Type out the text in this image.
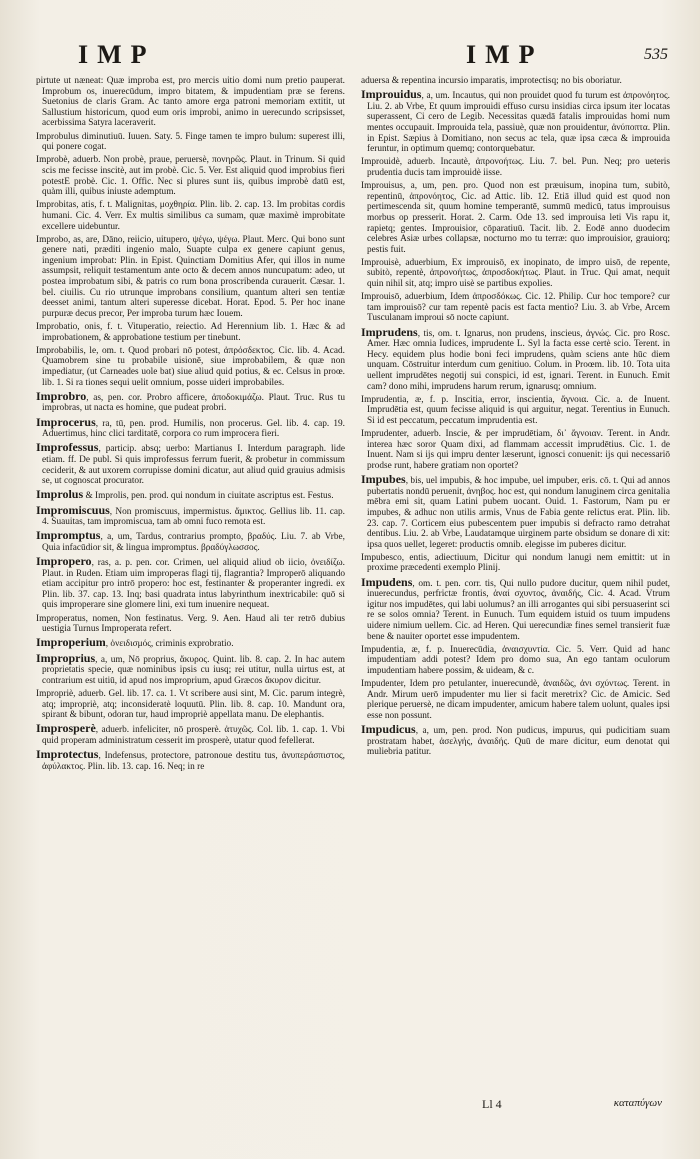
IMP	IMP	535

pirtute ut næneat: Quæ improba est, pro mercis uitio domi num pretio pauperat. Improbum os, inuerecūdum, impro bitatem, & impudentiam præ se ferens. Suetonius de claris Gram. Ac tanto amore erga patroni memoriam extitit, ut Sallustium historicum, quod eum oris improbi, animo in uerecundo scripsisset, acerbissima Satyra laceraverit.

Improbulus diminutiuū. Iuuen. Saty. 5. Finge tamen te impro bulum: superest illi, qui ponere cogat.

Improbè, aduerb. Non probè, praue, peruersè, πονηρῶς. Plaut. in Trinum. Si quid scis me fecisse inscitè, aut im probè. Cic. 5. Ver. Est aliquid quod improbius fieri potestE probè. Cic. 1. Offic. Nec si plures sunt iis, quibus improbè datū est, quàm illi, quibus iniuste ademptum.

Improbitas, atis, f. t. Malignitas, μοχθηρία. Plin. lib. 2. cap. 13. Im probitas cordis humani. Cic. 4. Verr. Ex multis similibus ca sumam, quæ maximè improbitate excellere uidebuntur.

Improbo, as, are, Dāno, reiicio, uitupero, ψέγω, ψέγω. Plaut. Merc. Qui bono sunt genere nati, præditi ingenio malo, Suapte culpa ex genere capiunt genus, ingenium improbat: Plin. in Epist. Quinctiam Domitius Afer, qui illos in nume assumpsit, reliquit testamentum ante octo & decem annos nuncupatum: adeo, ut postea improbatum sibi, & patris co rum bona proscribenda curauerit. Cæsar. 1. bel. ciuilis. Cu rio utrunque improbans consilium, quantum alteri sen tentiæ deesset animi, tantum alteri superesse dicebat. Horat. Epod. 5. Per hoc inane purpuræ decus precor, Per improba turum hæc Iouem.

Improbatio, onis, f. t. Vituperatio, reiectio. Ad Herennium lib. 1. Hæc & ad improbationem, & approbatione testium per tinebunt.

Improbabilis, le, om. t. Quod probari nō potest, ἀπρόσδεκτος. Cic. lib. 4. Acad. Quamobrem sine tu probabile uisionē, siue improbabilem, & quæ non impediatur, (ut Carneades uole bat) siue aliud quid potius, & ec. Celsus in proœ. lib. 1. Si ra tiones sequi uelit omnium, posse uideri improbabiles.

Improbro, as, pen. cor. Probro afficere, ἀποδοκιμάζω. Plaut. Truc. Rus tu improbras, ut nacta es homine, que pudeat probri.

Improcerus, ra, tū, pen. prod. Humilis, non procerus. Gel. lib. 4. cap. 19. Aduertimus, hinc clici tarditatē, corpora co rum improcera fieri.

Improfessus, particip. absq; uerbo: Martianus I. Interdum paragraph. lide etiam. ff. De publ. Si quis improfessus ferrum fuerit, & probetur in commissum ceciderit, & aut uxorem corrupisse domini dicatur, aut aliud quid grauius admisis se, ut cognoscat procurator.

Improlus & Improlis, pen. prod. qui nondum in ciuitate ascriptus est. Festus.

Impromiscuus, Non promiscuus, impermistus. ἄμικτος. Gellius lib. 11. cap. 4. Suauitas, tam impromiscua, tam ab omni fuco remota est.

Impromptus, a, um, Tardus, contrarius prompto, βραδύς. Liu. 7. ab Vrbe, Quia infacūdior sit, & lingua impromptus. βραδύγλωσσος.

Impropero, ras, a. p. pen. cor. Crimen, uel aliquid aliud ob iicio, ὀνειδίζω. Plaut. in Ruden. Etiam uim improperas flagi tij, flagrantia? Improperō aliquando etiam accipitur pro intrō propero: hoc est, festinanter & properanter ingredi. ex Plin. lib. 37. cap. 13. Inq; basi quadrata intus labyrinthum inextricabile: quō si quis improperare sine glomere lini, exi tum inuenire nequeat.

Improperatus, nomen, Non festinatus. Verg. 9. Aen. Haud ali ter retrō dubius uestigia Turnus Improperata refert.

Improperium, ὀνειδισμός, criminis exprobratio.

Improprius, a, um, Nō proprius, ἄκυρος. Quint. lib. 8. cap. 2. In hac autem proprietatis specie, quæ nominibus ipsis cu iusq; rei utitur, nulla uirtus est, at contrarium est uitiū, id apud nos improprium, apud Græcos ἄκυρον dicitur.

Impropriè, aduerb. Gel. lib. 17. ca. 1. Vt scribere ausi sint, M. Cic. parum integrè, atq; impropriè, atq; inconsideratè loquutū. Plin. lib. 8. cap. 10. Mandunt ora, spirant & bibunt, odoran tur, haud impropriè appellata manu. De elephantis.

Improsperè, aduerb. infeliciter, nō prosperè. ἀτυχῶς. Col. lib. 1. cap. 1. Vbi quid properam administratum cesserit im prosperè, utatur quod fefellerat.

Improtectus, Indefensus, protectore, patronoue destitu tus, ἀνυπεράσπιστος, ἀφύλακτος. Plin. lib. 13. cap. 16. Neq; in re

aduersa & repentina incursio imparatis, improtectisq; no bis oboriatur.

Improuidus, a, um. Incautus, qui non prouidet quod fu turum est ἀπρονόητος. Liu. 2. ab Vrbe, Et quum improuidi effuso cursu insidias circa ipsum iter locatas superassent, Ci cero de Legib. Necessitas quædā fatalis improuidas homi num mentes occupauit. Improuida tela, passiuè, quæ non prouidentur, ἀνύποπτα. Plin. in Epist. Sæpius à Domitiano, non secus ac tela, quæ ipsa cæca & improuida feruntur, in optimum quemq; contorquebatur.

Improuidè, aduerb. Incautè, ἀπρονοήτως. Liu. 7. bel. Pun. Neq; pro ueteris prudentia ducis tam improuidè iisse.

Improuisus, a, um, pen. pro. Quod non est præuisum, inopina tum, subitò, repentinū, ἀπρονόητος, Cic. ad Attic. lib. 12. Etiā illud quid est quod non pertimescenda sit, quum homine temperantē, summū medicū, tatus improuisus morbus op presserit. Horat. 2. Carm. Ode 13. sed improuisa leti Vis rapu it, rapietq; gentes. Improuisior, cōparatiuū. Tacit. lib. 2. Eodē anno duodecim celebres Asiæ urbes collapsæ, nocturno mo tu terræ: quo improuisior, grauiorq; pestis fuit.

Improuisè, aduerbium, Ex improuisō, ex inopinato, de impro uisō, de repente, subitò, repentè, ἀπρονοήτως, ἀπροσδοκήτως. Plaut. in Truc. Qui amat, nequit quin nihil sit, atq; impro uisè se partibus expolies.

Improuisō, aduerbium, Idem ἀπροσδόκως. Cic. 12. Philip. Cur hoc tempore? cur tam improuisō? cur tam repentè pacis est facta mentio? Liu. 3. ab Vrbe, Arcem Tusculanam improui sō nocte capiunt.

Imprudens, tis, om. t. Ignarus, non prudens, inscieus, ἀγνώς. Cic. pro Rosc. Amer. Hæc omnia Iudices, imprudente L. Syl la facta esse certè scio. Terent. in Hecy. equidem plus hodie boni feci imprudens, quàm sciens ante hūc diem unquam. Cōstruitur interdum cum genitiuo. Colum. in Proœm. lib. 10. Tota uita uellent imprudētes negotij sui conspici, id est, ignari. Terent. in Eunuch. Emit cam? dono mihi, imprudens harum rerum, ignarusq; omnium.

Imprudentia, æ, f. p. Inscitia, error, inscientia, ἄγνοια. Cic. a. de Inuent. Imprudētia est, quum fecisse aliquid is qui arguitur, negat. Terentius in Eunuch. Si id est peccatum, peccatum imprudentia est.

Imprudenter, aduerb. Inscie, & per imprudētiam, δι᾽ ἄγνοιαν. Terent. in Andr. interea hæc soror Quam dixi, ad flammam accessit imprudētius. Cic. 1. de Inuent. Nam si ijs qui impru denter læserunt, ignosci conuenit: ijs qui necessariō prodse runt, habere gratiam non oportet?

Impubes, bis, uel impubis, & hoc impube, uel impuber, eris. cō. t. Qui ad annos pubertatis nondū peruenit, ἀνηβος. hoc est, qui nondum lanuginem circa genitalia mēbra emi sit, quam Latini pubem uocant. Ouid. 1. Fastorum, Nam pu er impubes, & adhuc non utilis armis, Vnus de Fabia gente relictus erat. Plin. lib. 23. cap. 7. Corticem eius pubescentem puer impubis si defracto ramo detrahat dentibus. Liu. 2. ab Vrbe, Laudatamque uirginem parte obsidum se donare di xit: ipsa quos uellet, legeret: productis omnib. elegisse im puberes dicitur.

Impubesco, entis, adiectiuum, Dicitur qui nondum lanugi nem emittit: ut in proxime præcedenti exemplo Plinij.

Impudens, om. t. pen. corr. tis, Qui nullo pudore ducitur, quem nihil pudet, inuerecundus, perfrictæ frontis, ἀναί σχυντος, ἀναιδής, Cic. 4. Acad. Vtrum igitur nos impudētes, qui labi uolumus? an illi arrogantes qui sibi persuaserint sci re se solos omnia? Terent. in Eunuch. Tum equidem istuid os tuum impudens uidere nimium uellem. Cic. ad Heren. Qui uerecundiæ fines semel transierit fuæ bene & nauiter oportet esse impudentem.

Impudentia, æ, f. p. Inuerecūdia, ἀναισχυντία. Cic. 5. Verr. Quid ad hanc impudentiam addi potest? Idem pro domo sua, An ego tantam oculorum impudentiam habere possim, & uideam, & c.

Impudenter, Idem pro petulanter, inuerecundè, ἀναιδῶς, ἀνι σχύντως. Terent. in Andr. Mirum uerō impudenter mu lier si facit meretrix? Cic. de Amicic. Sed plerique peruersè, ne dicam impudenter, amicum habere talem uolunt, quales ipsi esse non possunt.

Impudicus, a, um, pen. prod. Non pudicus, impurus, qui pudicitiam suam prostratam habet, ἀσελγής, ἀναιδής. Quū de mare dicitur, eum denotat qui muliebria patitur.

Ll 4	καταπύγων
